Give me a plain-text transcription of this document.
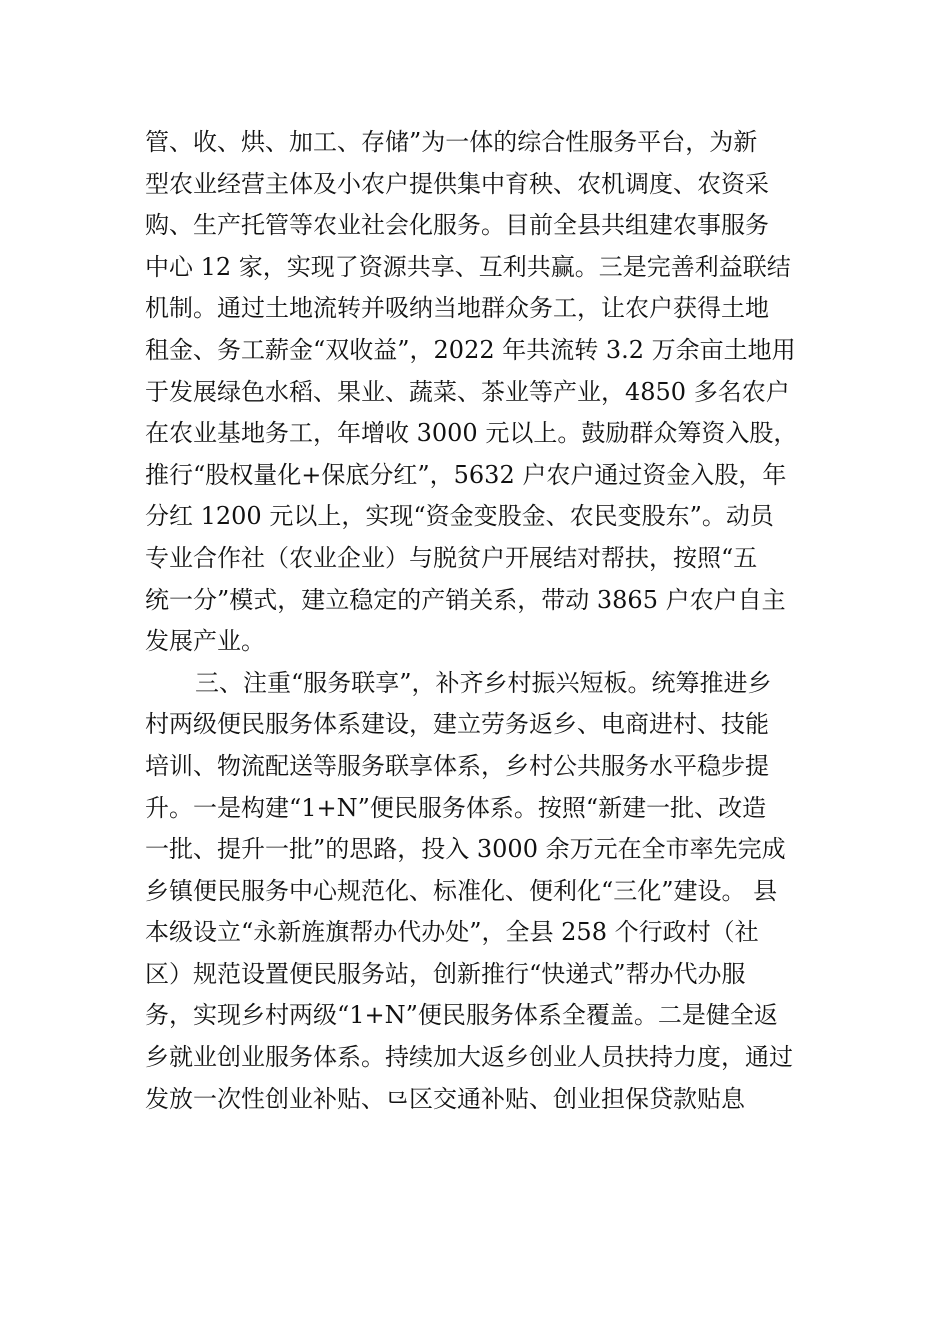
管、收、烘、加工、存储”为一体的综合性服务平台，为新
型农业经营主体及小农户提供集中育秧、农机调度、农资采
购、生产托管等农业社会化服务。目前全县共组建农事服务
中心 12 家，实现了资源共享、互利共赢。三是完善利益联结
机制。通过土地流转并吸纳当地群众务工，让农户获得土地
租金、务工薪金“双收益”，2022 年共流转 3.2 万余亩土地用
于发展绿色水稻、果业、蔬菜、茶业等产业，4850 多名农户
在农业基地务工，年增收 3000 元以上。鼓励群众筹资入股，
推行“股权量化+保底分红”，5632 户农户通过资金入股，年
分红 1200 元以上，实现“资金变股金、农民变股东”。动员
专业合作社（农业企业）与脱贫户开展结对帮扶，按照“五
统一分”模式，建立稳定的产销关系，带动 3865 户农户自主
发展产业。
三、注重“服务联享”，补齐乡村振兴短板。统筹推进乡
村两级便民服务体系建设，建立劳务返乡、电商进村、技能
培训、物流配送等服务联享体系，乡村公共服务水平稳步提
升。一是构建“1+N”便民服务体系。按照“新建一批、改造
一批、提升一批”的思路，投入 3000 余万元在全市率先完成
乡镇便民服务中心规范化、标准化、便利化“三化”建设。 县
本级设立“永新旌旗帮办代办处”，全县 258 个行政村（社
区）规范设置便民服务站，创新推行“快递式”帮办代办服
务，实现乡村两级“1+N”便民服务体系全覆盖。二是健全返
乡就业创业服务体系。持续加大返乡创业人员扶持力度，通过
发放一次性创业补贴、⺋区交通补贴、创业担保贷款贴息
